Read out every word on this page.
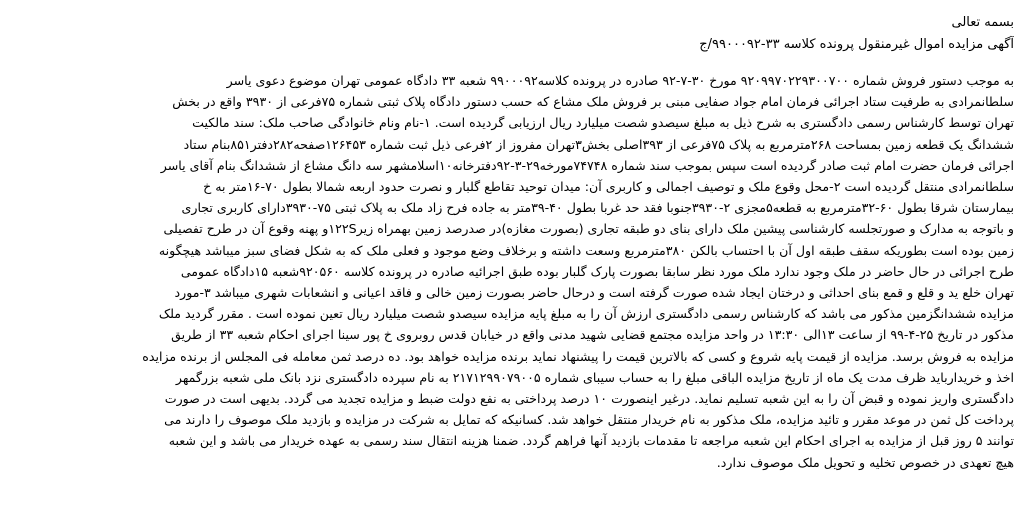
بسمه تعالی
آگهی مزایده اموال غیرمنقول پرونده کلاسه ۳۳-۹۹۰۰۰۹۲/ج
به موجب دستور فروش شماره ۹۲۰۹۹۷۰۲۲۹۳۰۰۷۰۰ مورخ ۳۰-۷-۹۲ صادره در پرونده کلاسه۹۹۰۰۰۹۲ شعبه ۳۳ دادگاه عمومی تهران موضوع دعوی یاسر
سلطانمرادی به طرفیت ستاد اجرائی فرمان امام جواد صفایی مبنی بر فروش ملک مشاع که حسب دستور دادگاه پلاک ثبتی شماره ۷۵فرعی از ۳۹۳۰ واقع در بخش
تهران توسط کارشناس رسمی دادگستری به شرح ذیل به مبلغ سیصدو شصت میلیارد ریال ارزیابی گردیده است. ۱-نام ونام خانوادگی صاحب ملک: سند مالکیت
ششدانگ یک قطعه زمین بمساحت ۲۶۸مترمربع به پلاک ۷۵فرعی از ۳۹۳اصلی بخش۳تهران مفروز از ۲فرعی ذیل ثبت شماره ۱۲۶۴۵۳صفحه۲۸۲دفتر۸۵۱بنام ستاد
اجرائی فرمان حضرت امام ثبت صادر گردیده است سپس بموجب سند شماره ۷۴۷۴۸مورخه۲۹-۳-۹۲دفترخانه۱۰اسلامشهر سه دانگ مشاع از ششدانگ بنام آقای یاسر
سلطانمرادی منتقل گردیده است ۲-محل وقوع ملک و توصیف اجمالی و کاربری آن: میدان توحید تقاطع گلبار و نصرت حدود اربعه شمالا بطول ۷۰-۱۶متر به خ
بیمارستان شرقا بطول ۶۰-۳۲مترمربع به قطعه۵مجزی ۲-۳۹۳۰جنوبا فقد حد غربا بطول ۴۰-۳۹متر به جاده فرح زاد ملک به پلاک ثبتی ۷۵-۳۹۳۰دارای کاربری تجاری
و باتوجه به مدارک و صورتجلسه کارشناسی پیشین ملک دارای بنای دو طبقه تجاری (بصورت مغازه)در صدرصد زمین بهمراه زیر۱۲۲Sو پهنه وقوع آن در طرح تفصیلی
زمین بوده است بطوریکه سقف طبقه اول آن با احتساب بالکن ۳۸۰مترمربع وسعت داشته و برخلاف وضع موجود و فعلی ملک که به شکل فضای سبز میباشد هیچگونه
طرح اجرائی در حال حاضر در ملک وجود ندارد ملک مورد نظر سابقا بصورت پارک گلبار بوده طبق اجرائیه صادره در پرونده کلاسه ۹۲۰۵۶۰شعبه ۱۵دادگاه عمومی
تهران خلع ید و قلع و قمع بنای احداثی و درختان ایجاد شده صورت گرفته است و درحال حاضر بصورت زمین خالی و فاقد اعیانی و انشعابات شهری میباشد ۳-مورد
مزایده ششدانگزمین مذکور می باشد که کارشناس رسمی دادگستری ارزش آن را به مبلغ پایه مزایده سیصدو شصت میلیارد ریال تعین نموده است . مقرر گردید ملک
مذکور در تاریخ ۲۵-۴-۹۹ از ساعت ۱۳الی ۱۳:۳۰ در واحد مزایده مجتمع قضایی شهید مدنی واقع در خیابان قدس روبروی خ پور سینا اجرای احکام شعبه ۳۳ از طریق
مزایده به فروش برسد. مزایده از قیمت پایه شروع و کسی که بالاترین قیمت را پیشنهاد نماید برنده مزایده خواهد بود. ده درصد ثمن معامله فی المجلس از برنده مزایده
اخذ و خریدارباید ظرف مدت یک ماه از تاریخ مزایده الباقی مبلغ را به حساب سیبای شماره ۲۱۷۱۲۹۹۰۷۹۰۰۵ به نام سپرده دادگستری نزد بانک ملی شعبه بزرگمهر
دادگستری واریز نموده و قبض آن را به این شعبه تسلیم نماید. درغیر اینصورت ۱۰ درصد پرداختی به نفع دولت ضبط و مزایده تجدید می گردد. بدیهی است در صورت
پرداخت کل ثمن در موعد مقرر و تائید مزایده، ملک مذکور به نام خریدار منتقل خواهد شد. کسانیکه که تمایل به شرکت در مزایده و بازدید ملک موصوف را دارند می
توانند ۵ روز قبل از مزایده به اجرای احکام این شعبه مراجعه تا مقدمات بازدید آنها فراهم گردد. ضمنا هزینه انتقال سند رسمی به عهده خریدار می باشد و این شعبه
هیچ تعهدی در خصوص تخلیه و تحویل ملک موصوف ندارد.
